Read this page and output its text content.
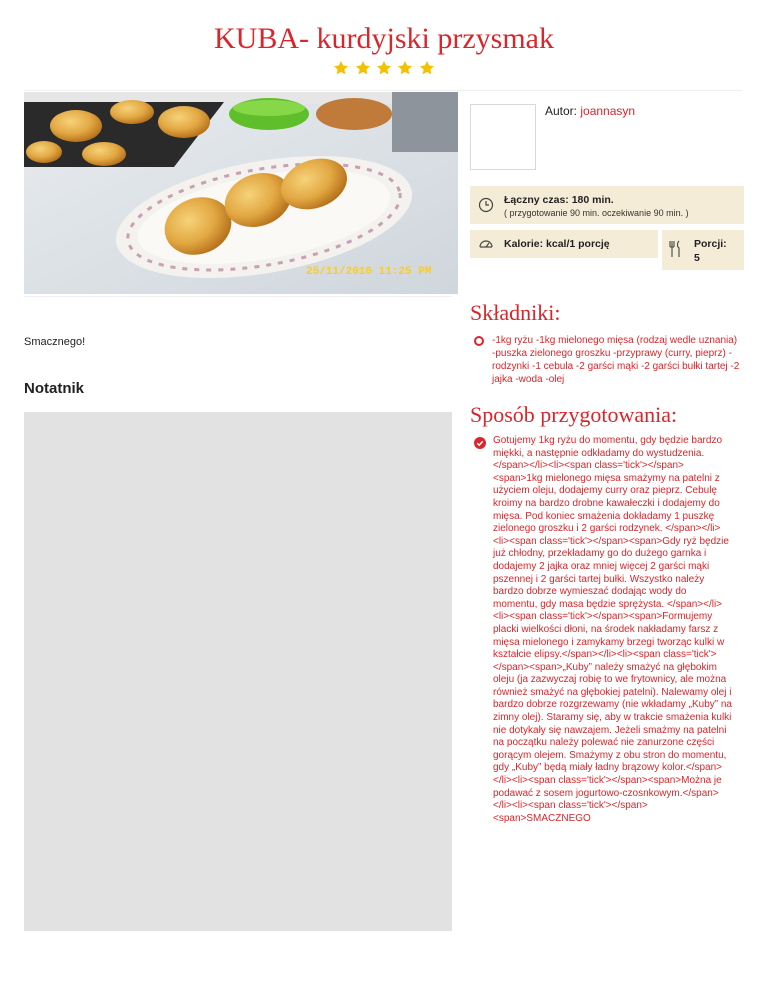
KUBA- kurdyjski przysmak

25/11/2010 11:25 PM
Autor: joannasyn
Łączny czas: 180 min.
( przygotowanie 90 min. oczekiwanie 90 min. )
Kalorie: kcal/1 porcję	Porcji:
5
Składniki:
-1kg ryżu -1kg mielonego mięsa (rodzaj wedle uznania) -puszka zielonego groszku -przyprawy (curry, pieprz) -rodzynki -1 cebula -2 garści mąki -2 garści bułki tartej -2 jajka -woda -olej
Smacznego!
Notatnik
Sposób przygotowania:
Gotujemy 1kg ryżu do momentu, gdy będzie bardzo
miękki, a następnie odkładamy do wystudzenia.
</span></li><li><span class='tick'></span>
<span>1kg mielonego mięsa smażymy na patelni z
użyciem oleju, dodajemy curry oraz pieprz. Cebulę
kroimy na bardzo drobne kawałeczki i dodajemy do
mięsa. Pod koniec smażenia dokładamy 1 puszkę
zielonego groszku i 2 garści rodzynek. </span></li>
<li><span class='tick'></span><span>Gdy ryż będzie
już chłodny, przekładamy go do dużego garnka i
dodajemy 2 jajka oraz mniej więcej 2 garści mąki
pszennej i 2 garści tartej bułki. Wszystko należy
bardzo dobrze wymieszać dodając wody do
momentu, gdy masa będzie sprężysta. </span></li>
<li><span class='tick'></span><span>Formujemy
placki wielkości dłoni, na środek nakładamy farsz z
mięsa mielonego i zamykamy brzegi tworząc kulki w
kształcie elipsy.</span></li><li><span class='tick'>
</span><span>„Kuby” należy smażyć na głębokim
oleju (ja zazwyczaj robię to we frytownicy, ale można
również smażyć na głębokiej patelni). Nalewamy olej i
bardzo dobrze rozgrzewamy (nie wkładamy „Kuby” na
zimny olej). Staramy się, aby w trakcie smażenia kulki
nie dotykały się nawzajem. Jeżeli smażmy na patelni
na początku należy polewać nie zanurzone części
gorącym olejem. Smażymy z obu stron do momentu,
gdy „Kuby” będą miały ładny brązowy kolor.</span>
</li><li><span class='tick'></span><span>Można je
podawać z sosem jogurtowo-czosnkowym.</span>
</li><li><span class='tick'></span>
<span>SMACZNEGO
